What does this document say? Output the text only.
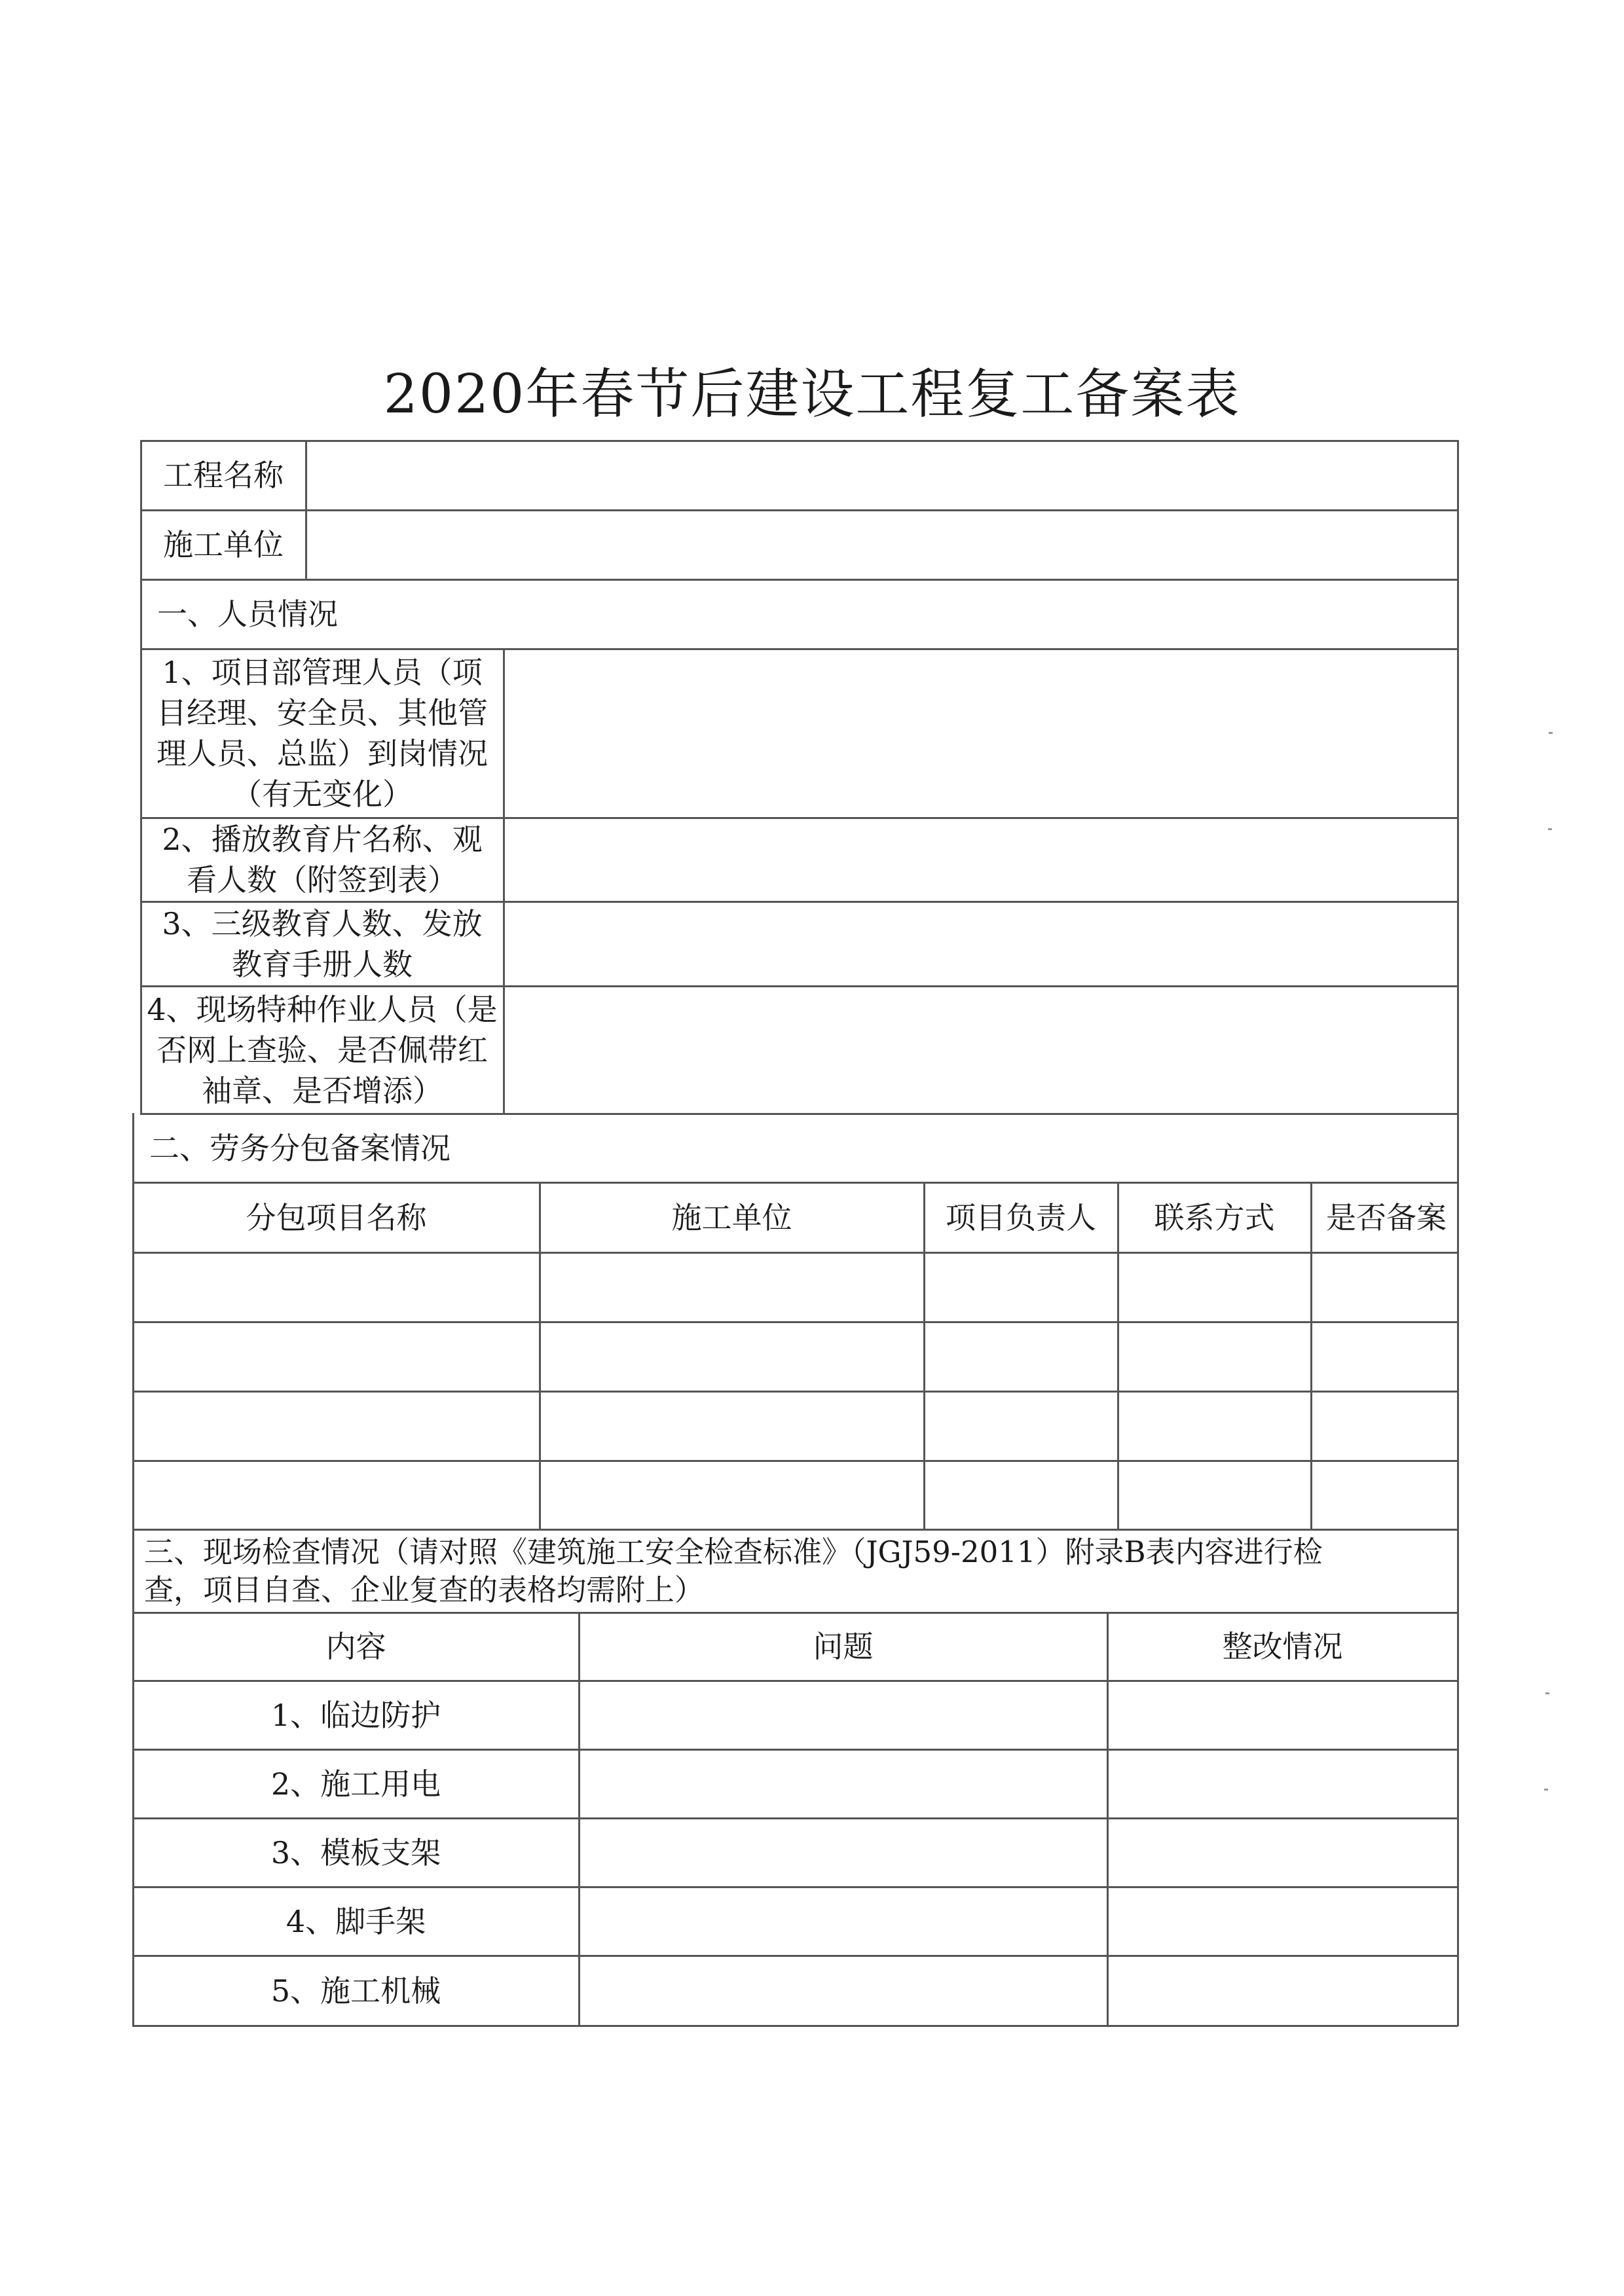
2020年春节后建设工程复工备案表
工程名称
施工单位
一、人员情况
1、项目部管理人员（项
目经理、安全员、其他管
理人员、总监）到岗情况
（有无变化）
2、播放教育片名称、观
看人数（附签到表）
3、三级教育人数、发放
教育手册人数
4、现场特种作业人员（是
否网上查验、是否佩带红
袖章、是否增添）
二、劳务分包备案情况
分包项目名称	施工单位	项目负责人	联系方式	是否备案
三、现场检查情况（请对照《建筑施工安全检查标准》（JGJ59-2011）附录B表内容进行检
查，项目自查、企业复查的表格均需附上）
内容	问题	整改情况
1、临边防护
2、施工用电
3、模板支架
4、脚手架
5、施工机械
